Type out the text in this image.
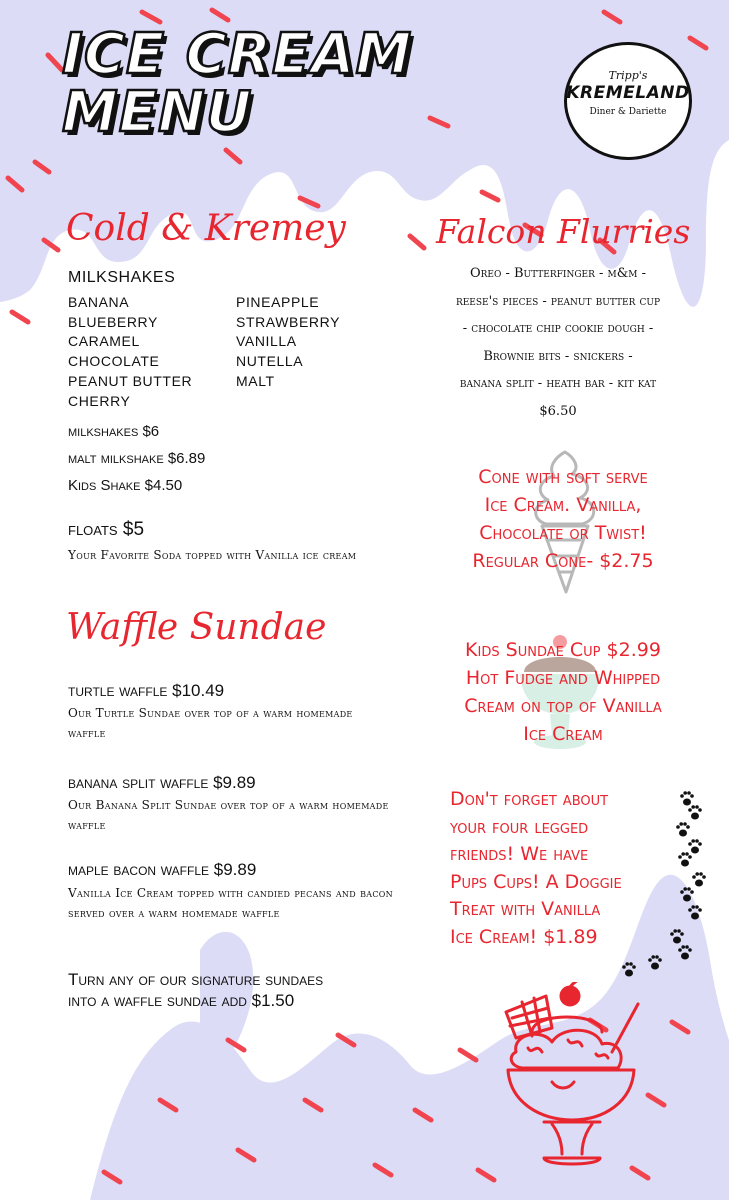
ICE CREAM
MENU
Tripp's
KREMELAND
Diner & Dariette
Cold & Kremey
MILKSHAKES
BANANA
BLUEBERRY
CARAMEL
CHOCOLATE
PEANUT BUTTER
CHERRY
PINEAPPLE
STRAWBERRY
VANILLA
NUTELLA
MALT
milkshakes $6
malt milkshake $6.89
Kids Shake $4.50
floats $5
Your Favorite Soda topped with Vanilla ice cream
Waffle Sundae
turtle waffle $10.49
Our Turtle Sundae over top of a warm homemade waffle
banana split waffle $9.89
Our Banana Split Sundae over top of a warm homemade waffle
maple bacon waffle $9.89
Vanilla Ice Cream topped with candied pecans and bacon served over a warm homemade waffle
Turn any of our signature sundaes into a waffle sundae add $1.50
Falcon Flurries
Oreo - Butterfinger - m&m -
reese's pieces - peanut butter cup
- chocolate chip cookie dough -
Brownie bits - snickers -
banana split - heath bar - kit kat
$6.50
Cone with soft serve
Ice Cream. Vanilla,
Chocolate or Twist!
Regular Cone- $2.75
Kids Sundae Cup $2.99
Hot Fudge and Whipped
Cream on top of Vanilla
Ice Cream
Don't forget about
your four legged
friends! We have
Pups Cups! A Doggie
Treat with Vanilla
Ice Cream! $1.89
